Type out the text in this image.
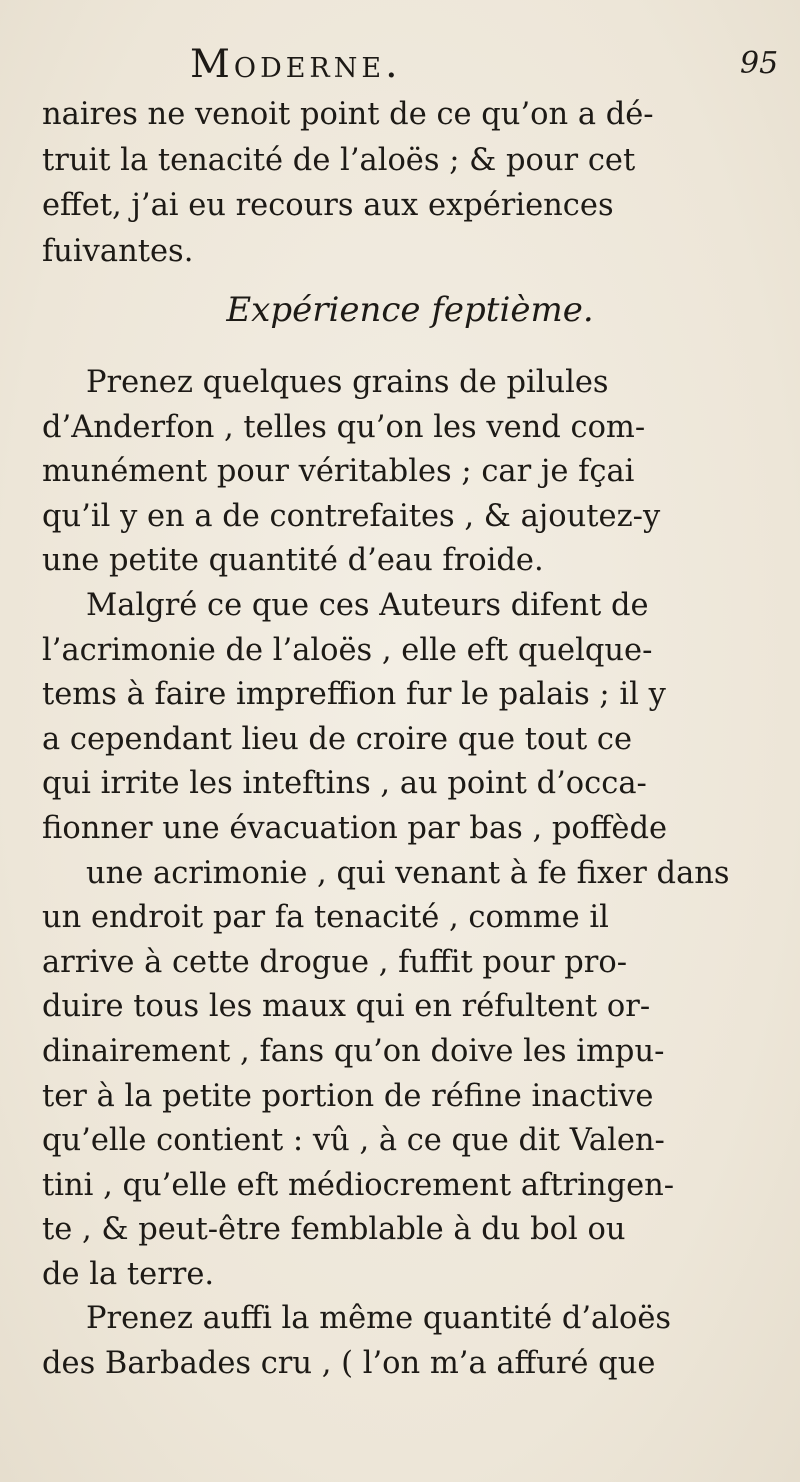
Moderne.	95
naires ne venoit point de ce qu’on a dé-
truit la tenacité de l’aloës ; & pour cet
effet, j’ai eu recours aux expériences
fuivantes.
Expérience feptième.
Prenez quelques grains de pilules
d’Anderfon , telles qu’on les vend com-
munément pour véritables ; car je fçai
qu’il y en a de contrefaites , & ajoutez-y
une petite quantité d’eau froide.
Malgré ce que ces Auteurs difent de
l’acrimonie de l’aloës , elle eft quelque-
tems à faire impreffion fur le palais ; il y
a cependant lieu de croire que tout ce
qui irrite les inteftins , au point d’occa-
fionner une évacuation par bas , poffède
une acrimonie , qui venant à fe fixer dans
un endroit par fa tenacité , comme il
arrive à cette drogue , fuffit pour pro-
duire tous les maux qui en réfultent or-
dinairement , fans qu’on doive les impu-
ter à la petite portion de réfine inactive
qu’elle contient : vû , à ce que dit Valen-
tini , qu’elle eft médiocrement aftringen-
te , & peut-être femblable à du bol ou
de la terre.
Prenez auffi la même quantité d’aloës
des Barbades cru , ( l’on m’a affuré que
